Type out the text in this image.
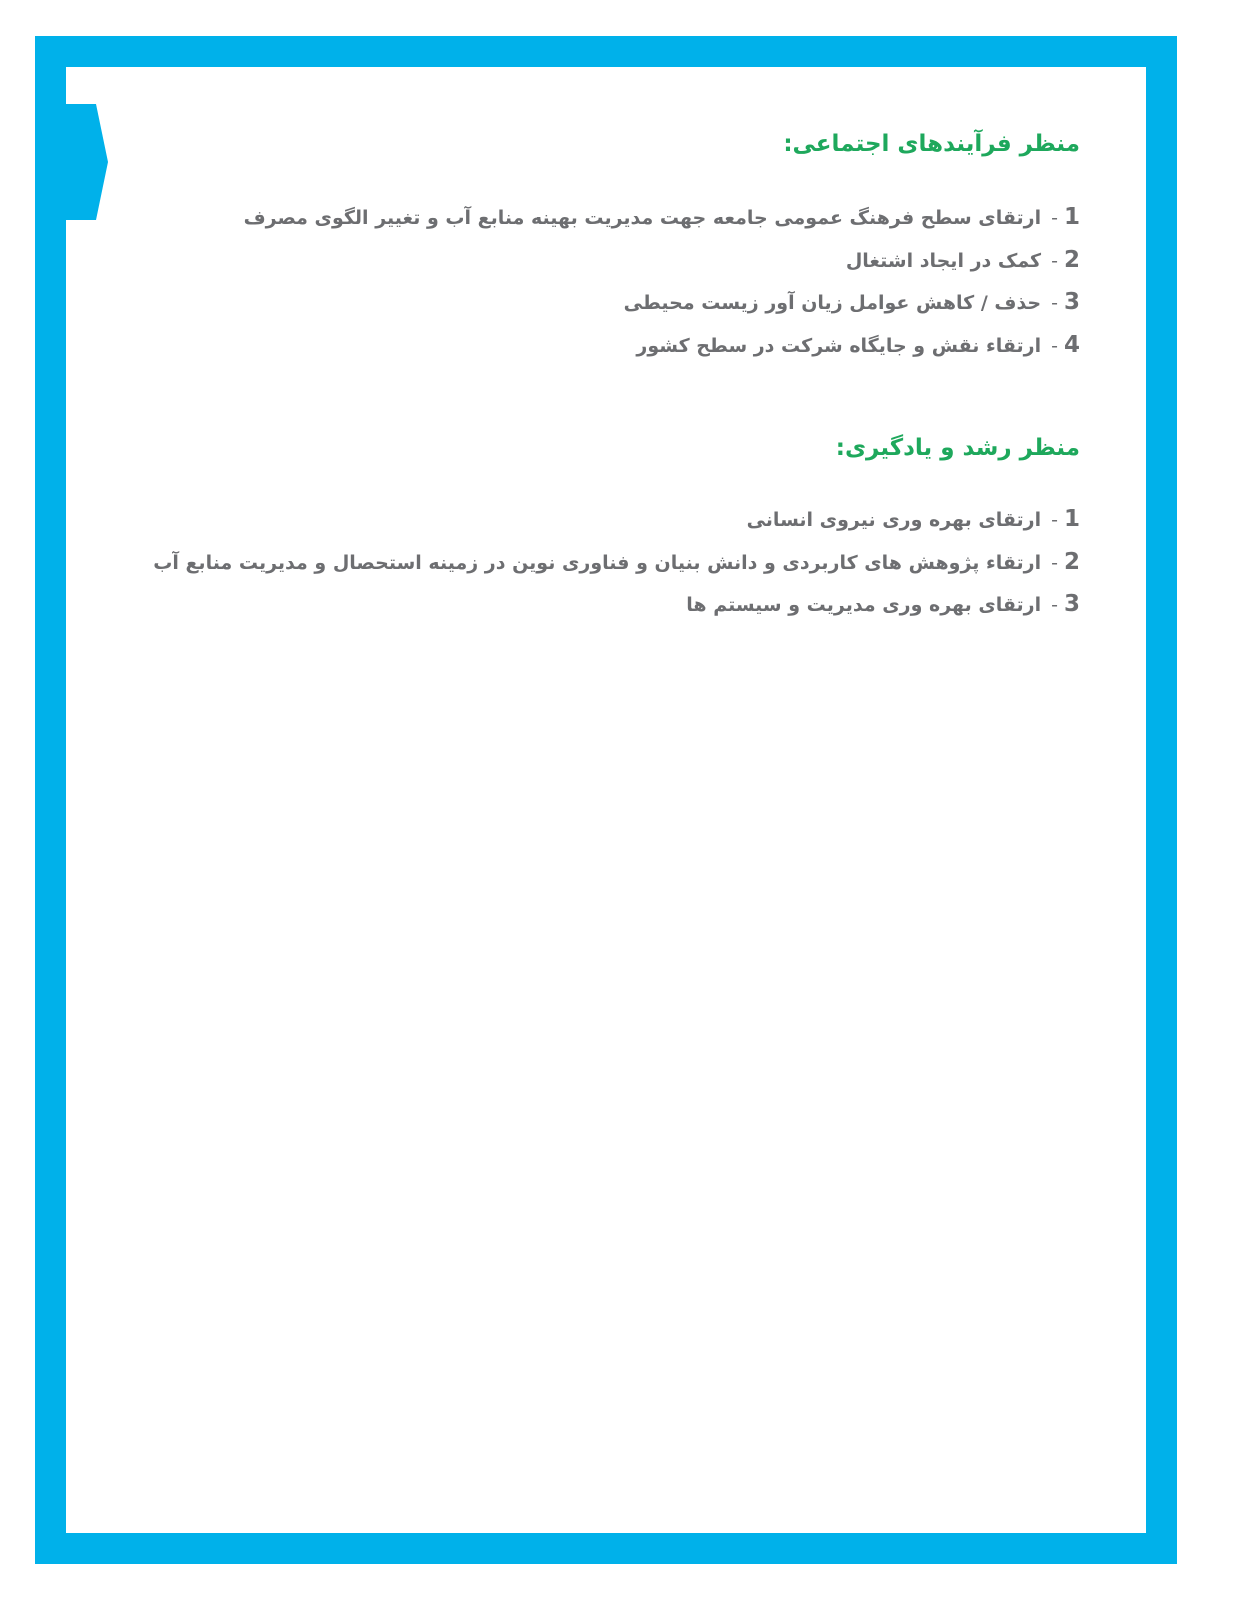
منظر فرآیندهای اجتماعی:
1
-
ارتقای سطح فرهنگ عمومی جامعه جهت مدیریت بهینه منابع آب و تغییر الگوی مصرف
2
-
کمک در ایجاد اشتغال
3
-
حذف / کاهش عوامل زیان آور زیست محیطی
4
-
ارتقاء نقش و جایگاه شرکت در سطح کشور
منظر رشد و یادگیری:
1
-
ارتقای بهره وری نیروی انسانی
2
-
ارتقاء پژوهش های کاربردی و دانش بنیان و فناوری نوین در زمینه استحصال و مدیریت منابع آب
3
-
ارتقای بهره وری مدیریت و سیستم ها
